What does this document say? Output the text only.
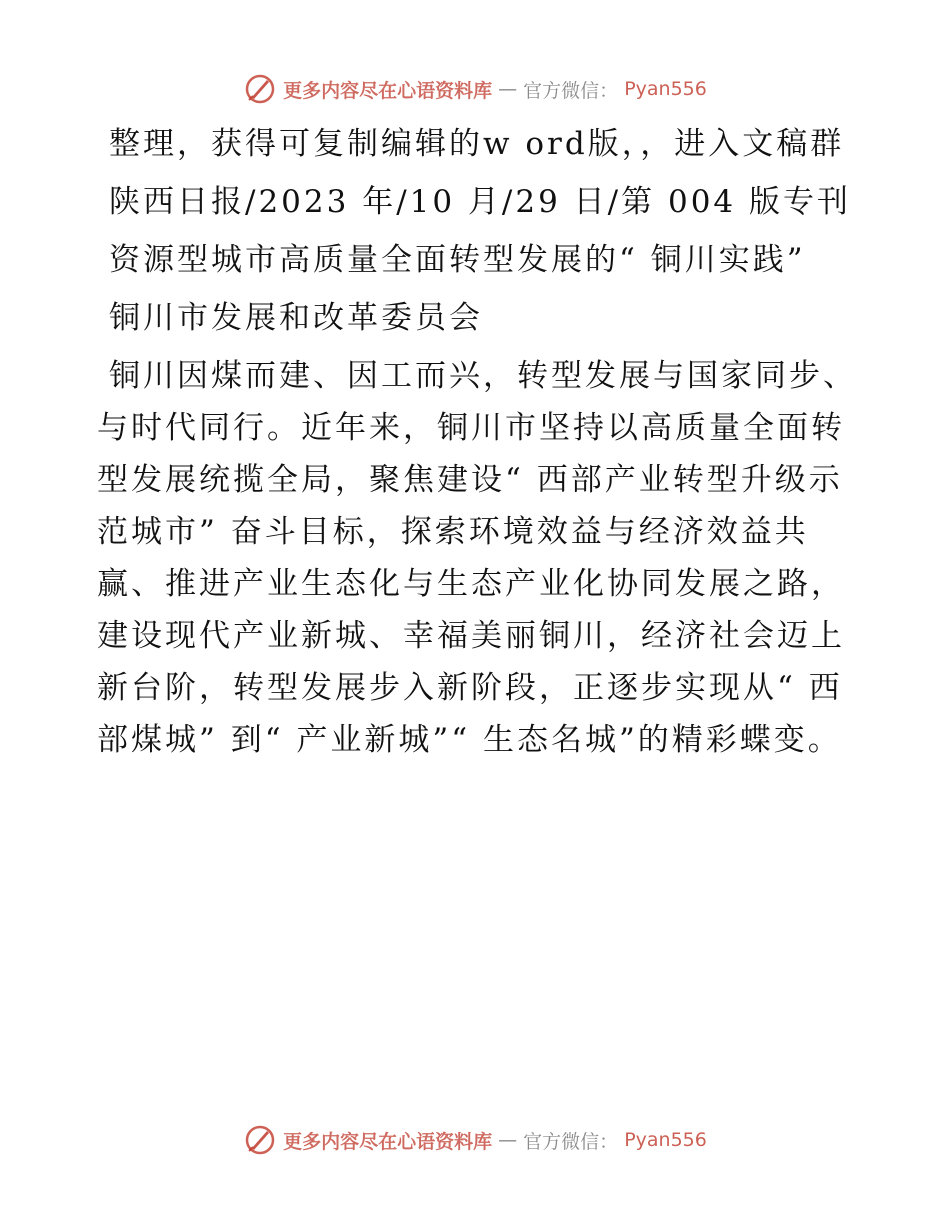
更多内容尽在心语资料库 — 官方微信： Pyan556

整理，获得可复制编辑的w ord版，，进入文稿群

陕西日报/2023 年/10 月/29 日/第 004 版专刊

资源型城市高质量全面转型发展的“ 铜川实践”

铜川市发展和改革委员会

铜川因煤而建、因工而兴，转型发展与国家同步、与时代同行。近年来，铜川市坚持以高质量全面转型发展统揽全局，聚焦建设“ 西部产业转型升级示范城市” 奋斗目标，探索环境效益与经济效益共赢、推进产业生态化与生态产业化协同发展之路，建设现代产业新城、幸福美丽铜川，经济社会迈上新台阶，转型发展步入新阶段，正逐步实现从“ 西部煤城” 到“ 产业新城”“ 生态名城”的精彩蝶变。

更多内容尽在心语资料库 — 官方微信： Pyan556
